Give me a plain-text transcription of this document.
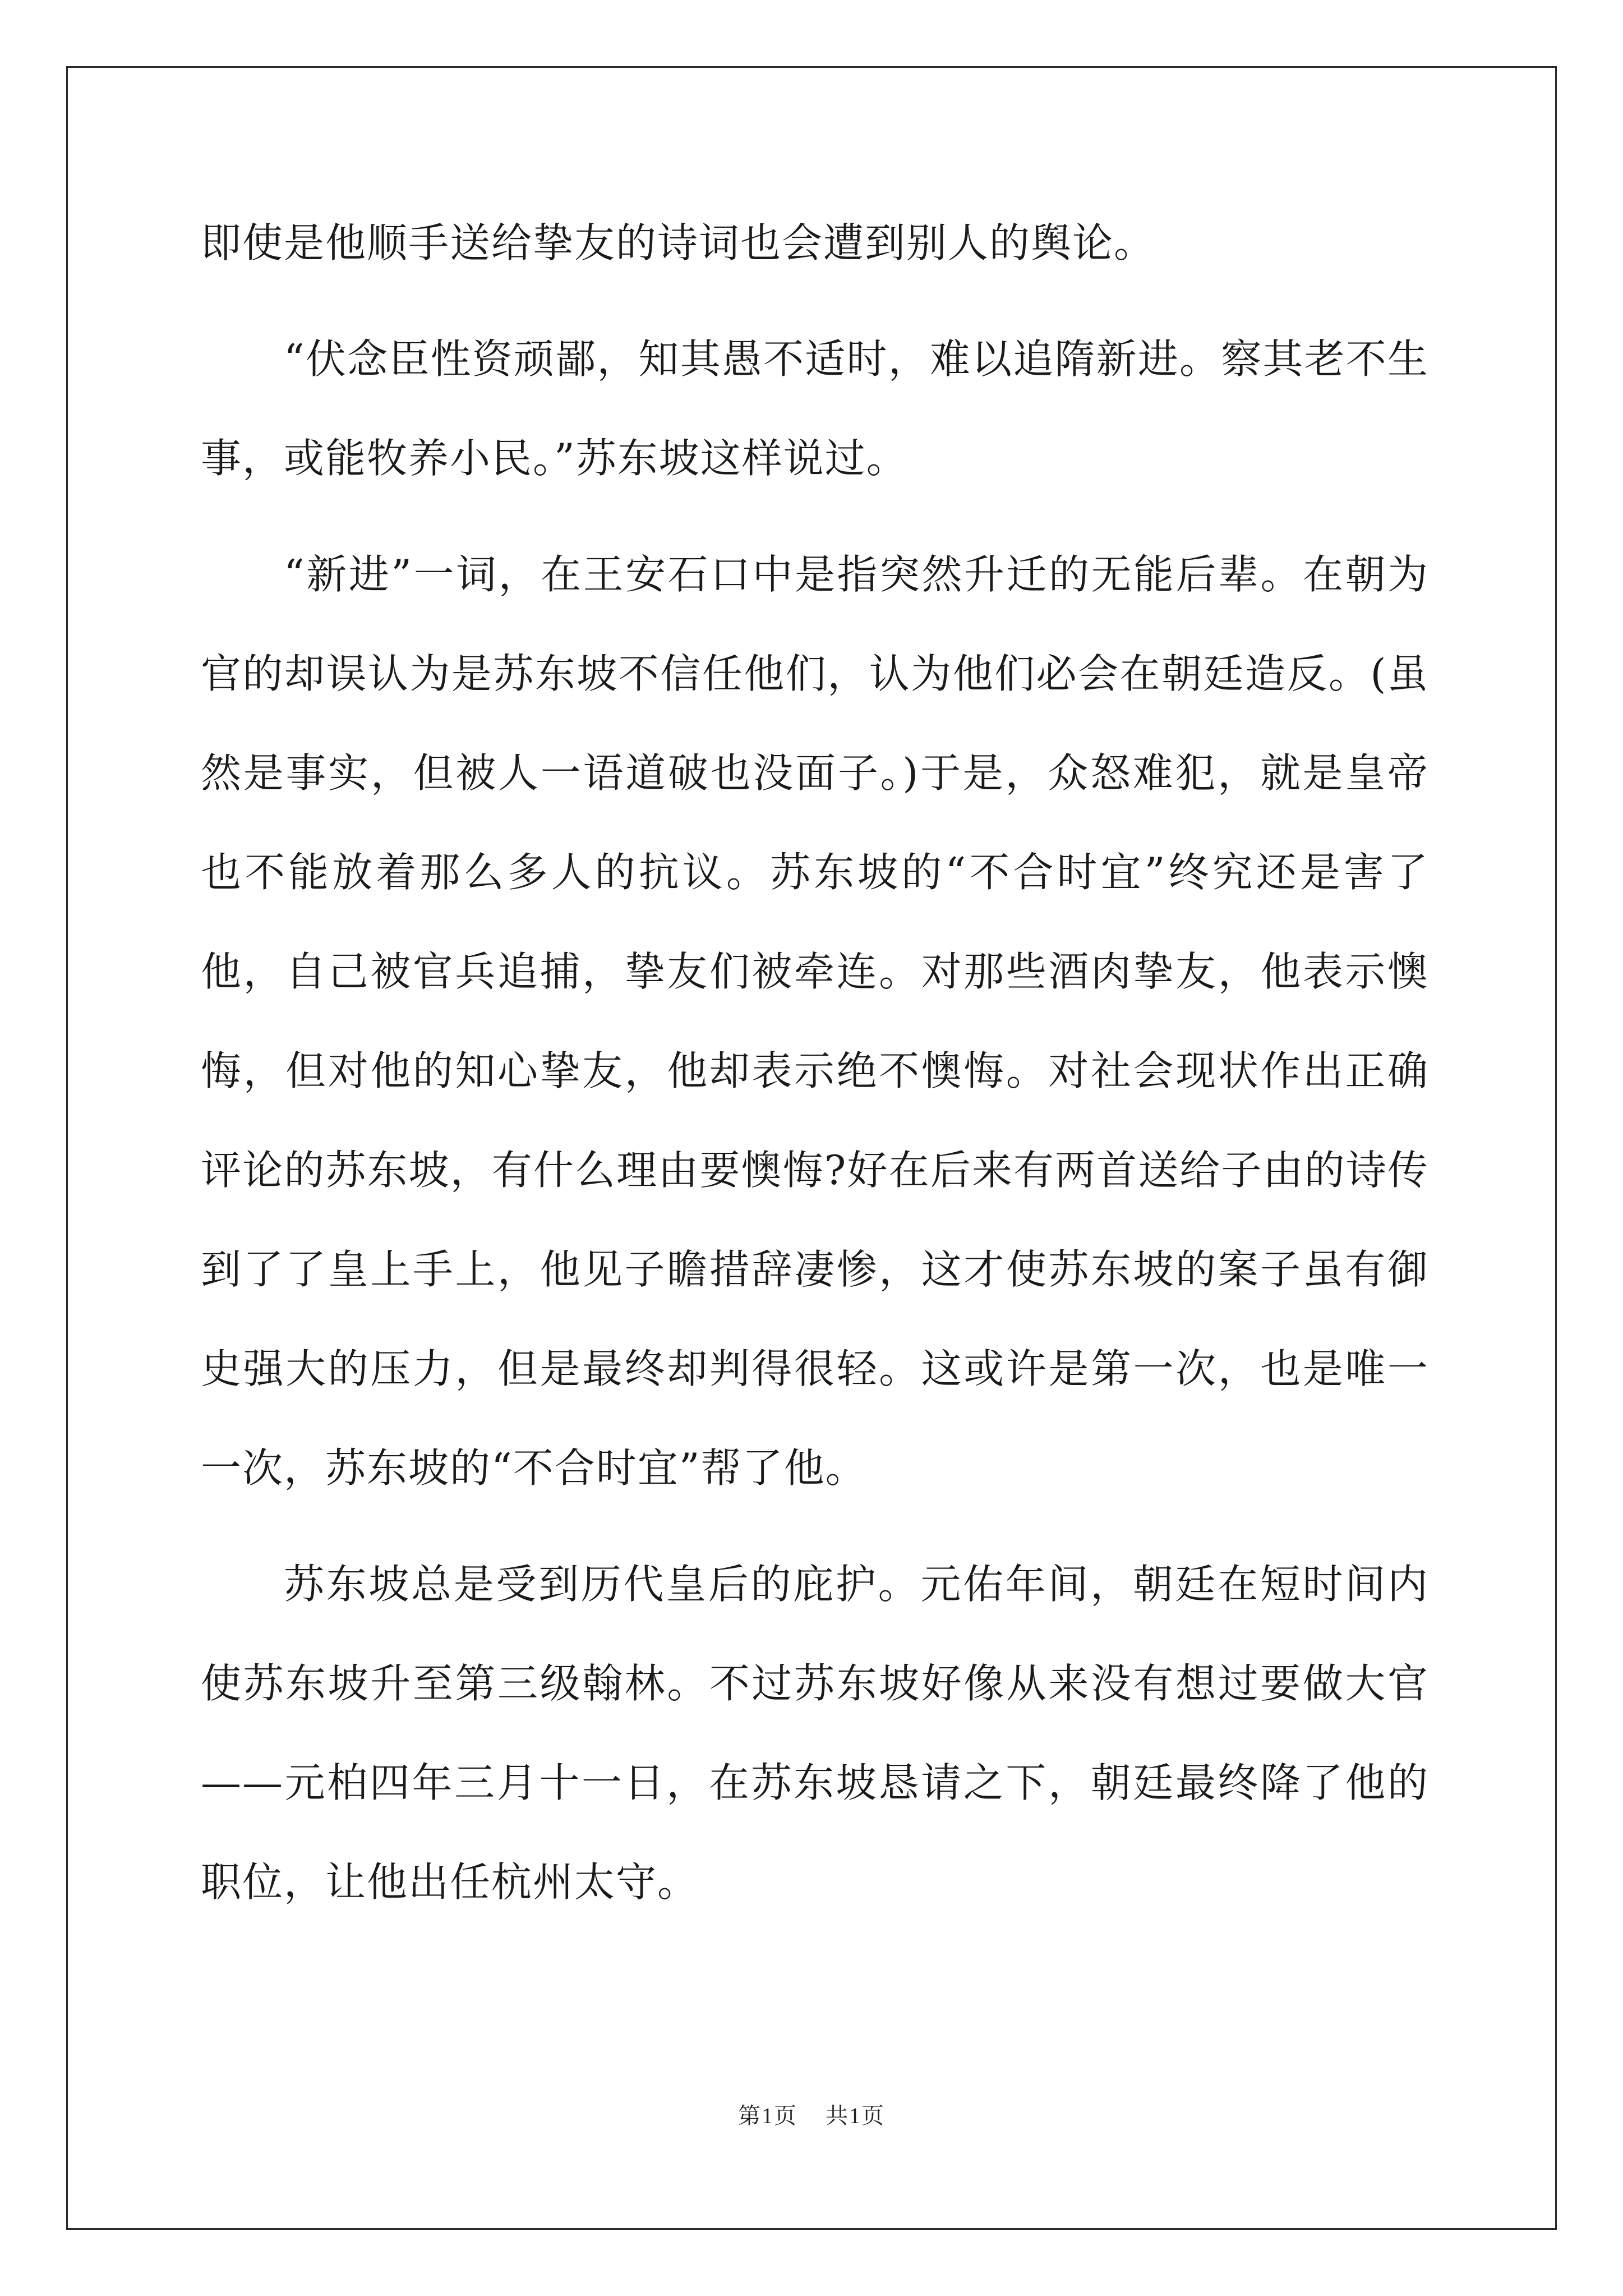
即使是他顺手送给挚友的诗词也会遭到别人的舆论。

“伏念臣性资顽鄙，知其愚不适时，难以追隋新进。察其老不生事，或能牧养小民。”苏东坡这样说过。

“新进”一词，在王安石口中是指突然升迁的无能后辈。在朝为官的却误认为是苏东坡不信任他们，认为他们必会在朝廷造反。(虽然是事实，但被人一语道破也没面子。)于是，众怒难犯，就是皇帝也不能放着那么多人的抗议。苏东坡的“不合时宜”终究还是害了他，自己被官兵追捕，挚友们被牵连。对那些酒肉挚友，他表示懊悔，但对他的知心挚友，他却表示绝不懊悔。对社会现状作出正确评论的苏东坡，有什么理由要懊悔?好在后来有两首送给子由的诗传到了了皇上手上，他见子瞻措辞凄惨，这才使苏东坡的案子虽有御史强大的压力，但是最终却判得很轻。这或许是第一次，也是唯一一次，苏东坡的“不合时宜”帮了他。

苏东坡总是受到历代皇后的庇护。元佑年间，朝廷在短时间内使苏东坡升至第三级翰林。不过苏东坡好像从来没有想过要做大官——元柏四年三月十一日，在苏东坡恳请之下，朝廷最终降了他的职位，让他出任杭州太守。

第1页 共1页
